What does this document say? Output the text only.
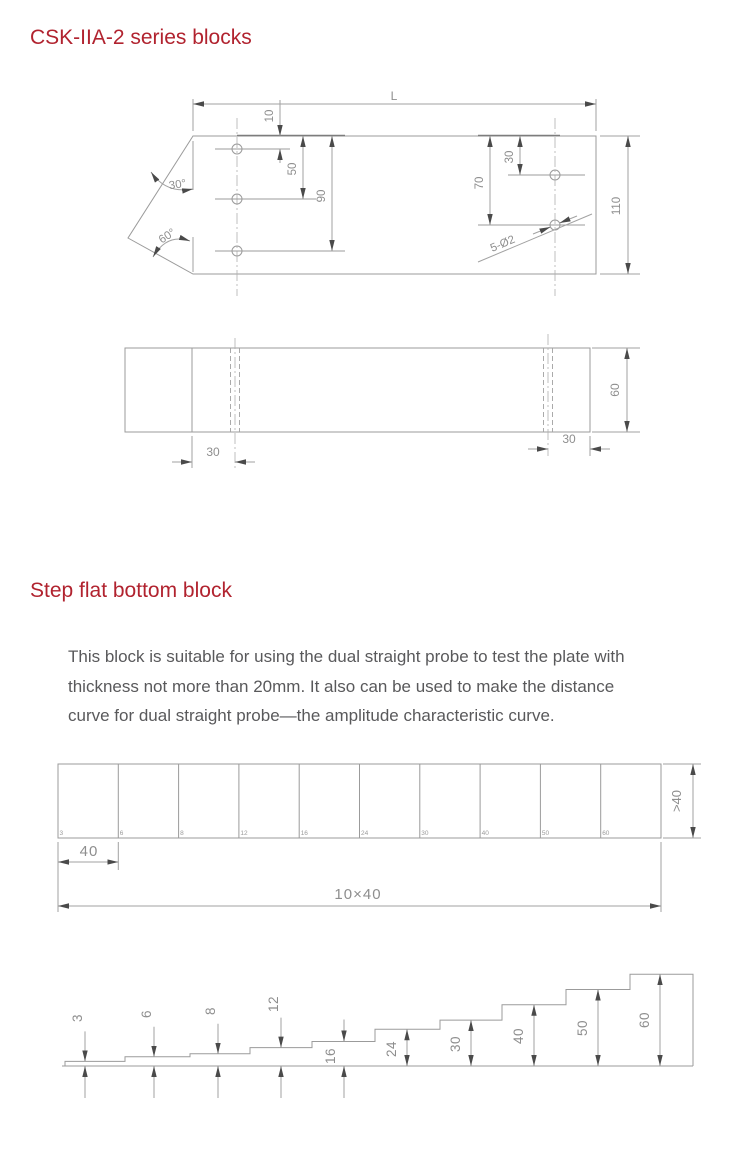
CSK-IIA-2 series blocks
Step flat bottom block
This block is suitable for using the dual straight probe to test the plate with
thickness not more than 20mm. It also can be used to make the distance
curve for dual straight probe—the amplitude characteristic curve.
L
10
50
90
30
70
110
5-Ø2
30°
60°
30
30
60
3	6	8	12	16	24	30	40	50	60
>40
40
10×40
3	6	8	12
16	24	30	40	50	60
